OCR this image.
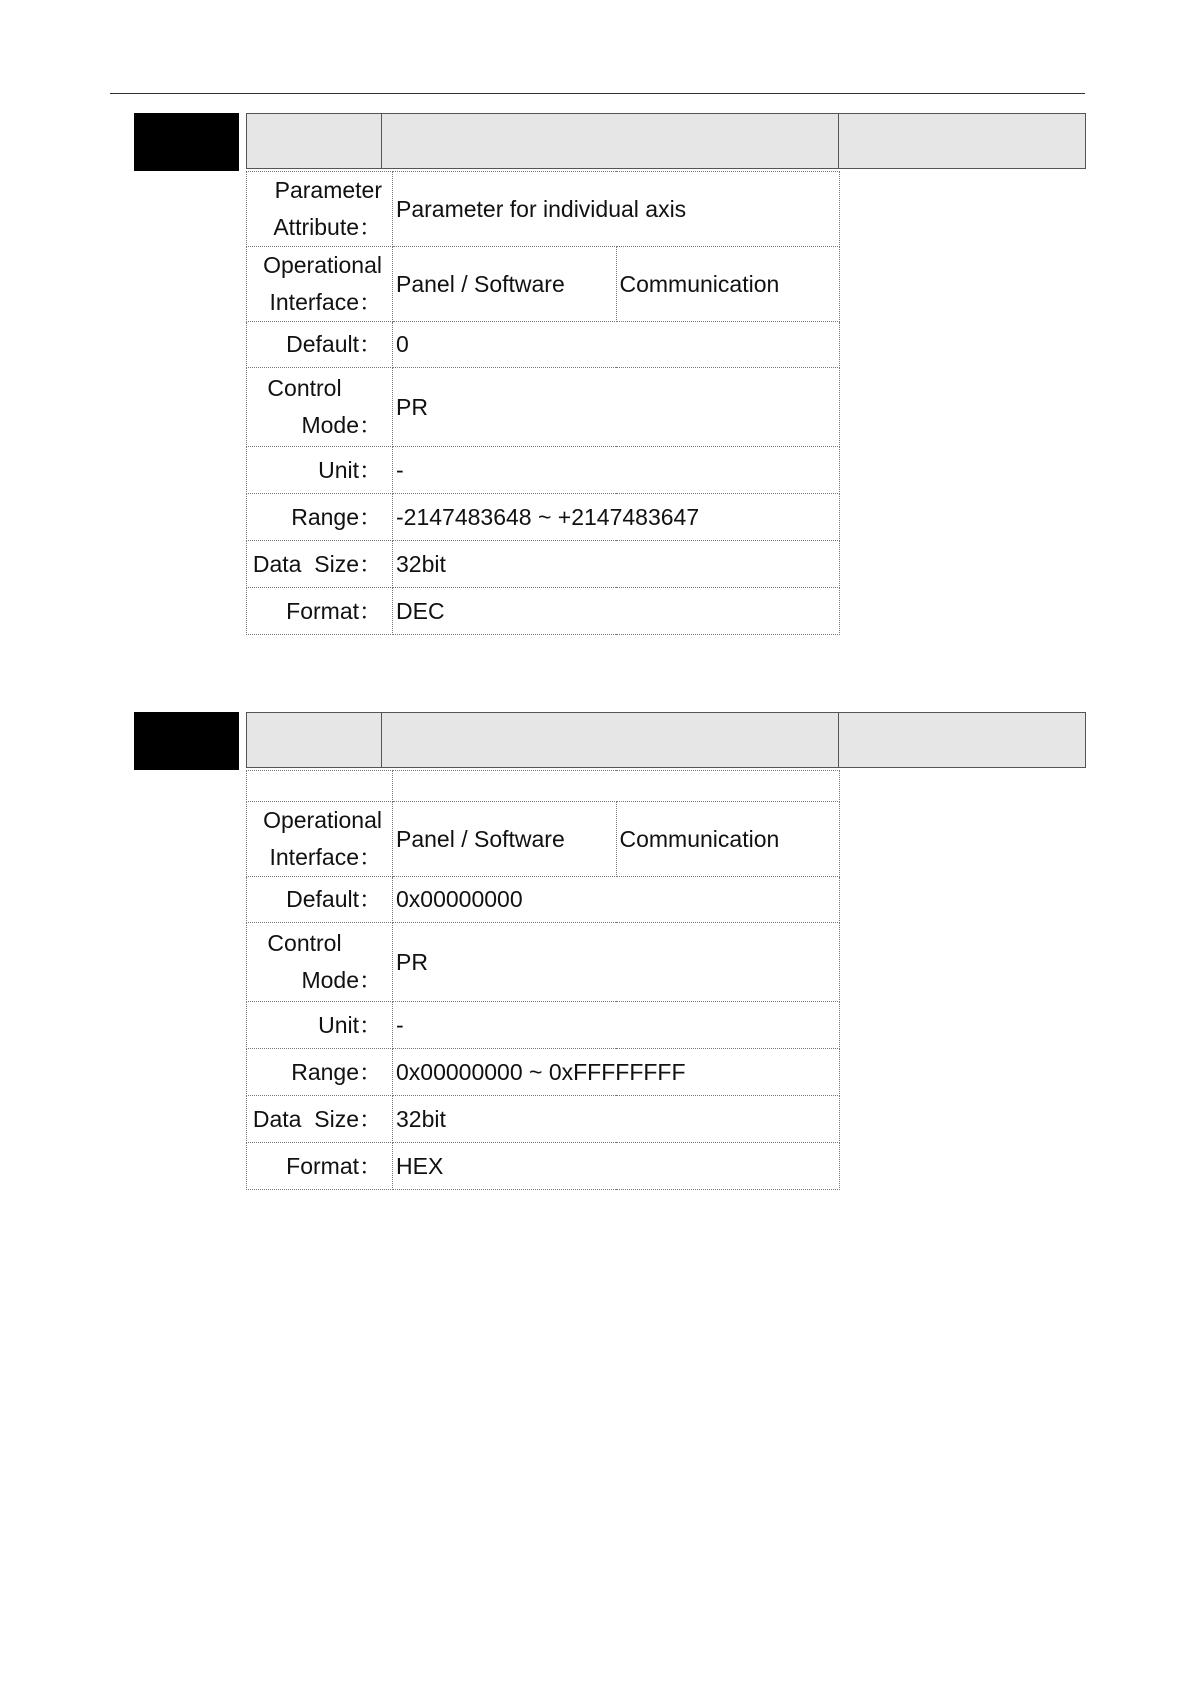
Parameter
Attribute：	Parameter for individual axis	

Operational
Interface：	Panel / Software	Communication
Default：	0	

Control
Mode：	PR	
Unit：	-	
Range：	-2147483648 ~ +2147483647	
Data  Size：	32bit	
Format：	DEC	

Operational
Interface：	Panel / Software	Communication
Default：	0x00000000	

Control
Mode：	PR	
Unit：	-	
Range：	0x00000000 ~ 0xFFFFFFFF	
Data  Size：	32bit	
Format：	HEX	
